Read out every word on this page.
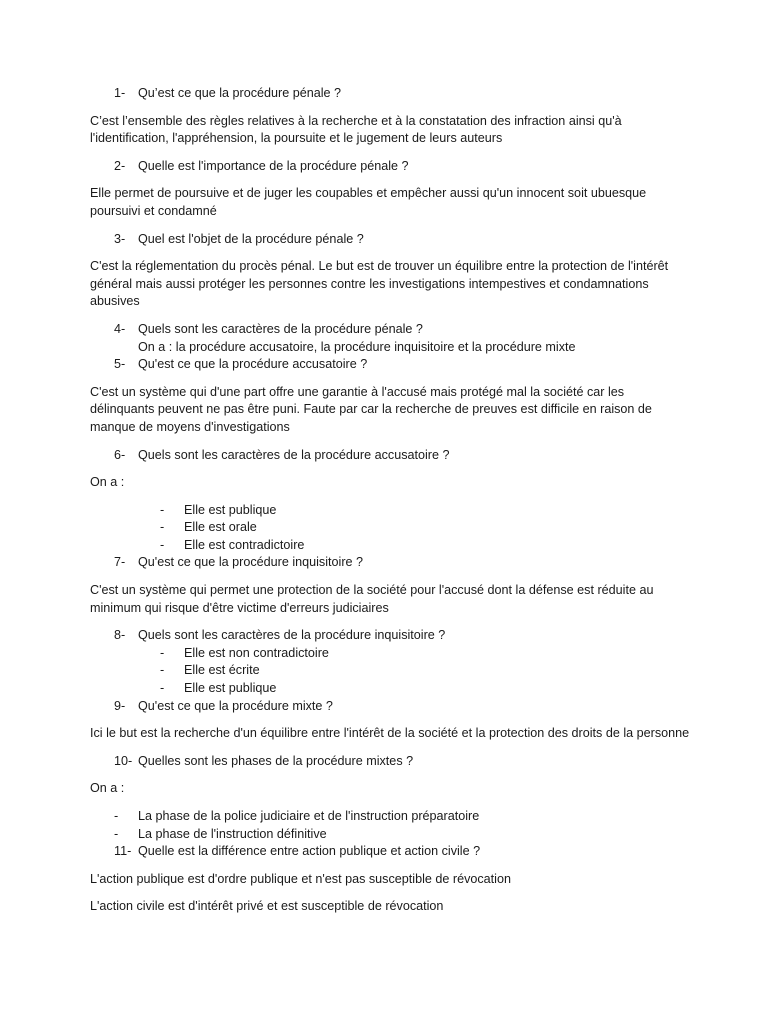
1- Qu’est ce que la procédure pénale ?

C’est l’ensemble des règles relatives à la recherche et à la constatation des infraction ainsi qu'à l'identification, l'appréhension, la poursuite et le jugement de leurs auteurs

2- Quelle est l'importance de la procédure pénale ?

Elle permet de poursuive et de juger les coupables et empêcher aussi qu'un innocent soit ubuesque poursuivi et condamné

3- Quel est l'objet de la procédure pénale ?

C'est la réglementation du procès pénal. Le but est de trouver un équilibre entre la protection de l'intérêt général mais aussi protéger les personnes contre les investigations intempestives et condamnations abusives

4- Quels sont les caractères de la procédure pénale ?

On a : la procédure accusatoire, la procédure inquisitoire et la procédure mixte

5- Qu'est ce que la procédure accusatoire ?

C'est un système qui d'une part offre une garantie à l'accusé mais protégé mal la société car les délinquants peuvent ne pas être puni. Faute par car la recherche de preuves est difficile en raison de manque de moyens d'investigations

6- Quels sont les caractères de la procédure accusatoire ?

On a :

- Elle est publique
- Elle est orale
- Elle est contradictoire
7- Qu'est ce que la procédure inquisitoire ?

C'est un système qui permet une protection de la société pour l'accusé dont la défense est réduite au minimum qui risque d'être victime d'erreurs judiciaires

8- Quels sont les caractères de la procédure inquisitoire ?
- Elle est non contradictoire
- Elle est écrite
- Elle est publique
9- Qu'est ce que la procédure mixte ?

Ici le but est la recherche d'un équilibre entre l'intérêt de la société et la protection des droits de la personne

10- Quelles sont les phases de la procédure mixtes ?

On a :

- La phase de la police judiciaire et de l'instruction préparatoire
- La phase de l'instruction définitive
11- Quelle est la différence entre action publique et action civile ?

L'action publique est d'ordre publique et n'est pas susceptible de révocation

L'action civile est d'intérêt privé et est susceptible de révocation
